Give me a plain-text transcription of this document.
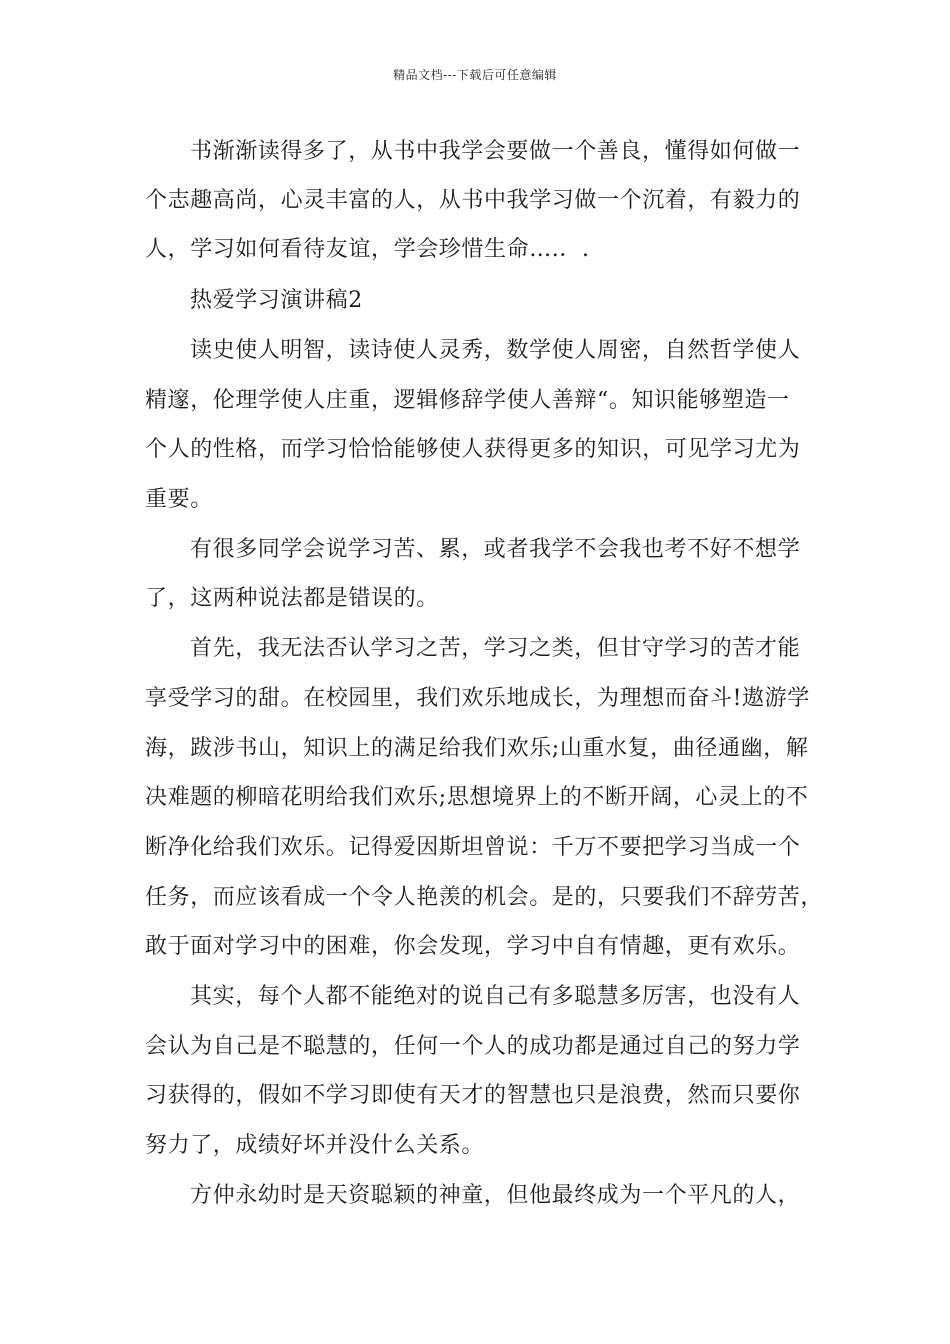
精品文档---下载后可任意编辑
书渐渐读得多了，从书中我学会要做一个善良，懂得如何做一
个志趣高尚，心灵丰富的人，从书中我学习做一个沉着，有毅力的
人，学习如何看待友谊，学会珍惜生命….．.
热爱学习演讲稿2
读史使人明智，读诗使人灵秀，数学使人周密，自然哲学使人
精邃，伦理学使人庄重，逻辑修辞学使人善辩“。知识能够塑造一
个人的性格，而学习恰恰能够使人获得更多的知识，可见学习尤为
重要。
有很多同学会说学习苦、累，或者我学不会我也考不好不想学
了，这两种说法都是错误的。
首先，我无法否认学习之苦，学习之类，但甘守学习的苦才能
享受学习的甜。在校园里，我们欢乐地成长，为理想而奋斗!遨游学
海，跋涉书山，知识上的满足给我们欢乐;山重水复，曲径通幽，解
决难题的柳暗花明给我们欢乐;思想境界上的不断开阔，心灵上的不
断净化给我们欢乐。记得爱因斯坦曾说：千万不要把学习当成一个
任务，而应该看成一个令人艳羡的机会。是的，只要我们不辞劳苦，
敢于面对学习中的困难，你会发现，学习中自有情趣，更有欢乐。
其实，每个人都不能绝对的说自己有多聪慧多厉害，也没有人
会认为自己是不聪慧的，任何一个人的成功都是通过自己的努力学
习获得的，假如不学习即使有天才的智慧也只是浪费，然而只要你
努力了，成绩好坏并没什么关系。
方仲永幼时是天资聪颖的神童，但他最终成为一个平凡的人，
